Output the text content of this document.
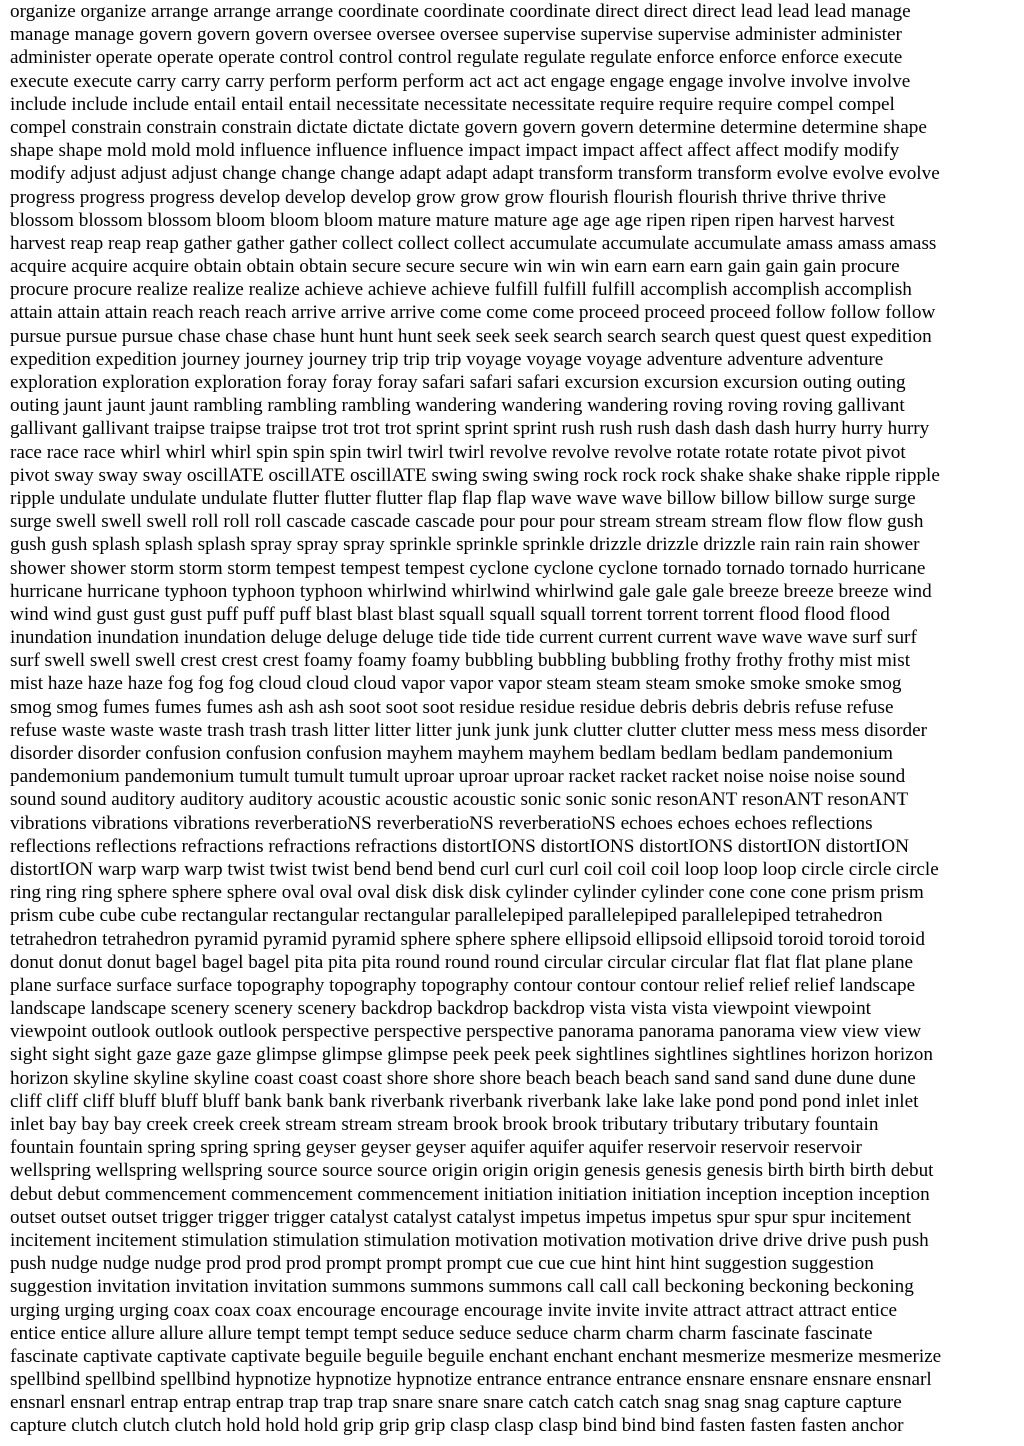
organize organize arrange arrange arrange coordinate coordinate coordinate direct direct direct lead lead lead manage

manage manage govern govern govern oversee oversee oversee supervise supervise supervise administer administer

administer operate operate operate control control control regulate regulate regulate enforce enforce enforce execute

execute execute carry carry carry perform perform perform act act act engage engage engage involve involve involve

include include include entail entail entail necessitate necessitate necessitate require require require compel compel

compel constrain constrain constrain dictate dictate dictate govern govern govern determine determine determine shape

shape shape mold mold mold influence influence influence impact impact impact affect affect affect modify modify

modify adjust adjust adjust change change change adapt adapt adapt transform transform transform evolve evolve evolve

progress progress progress develop develop develop grow grow grow flourish flourish flourish thrive thrive thrive

blossom blossom blossom bloom bloom bloom mature mature mature age age age ripen ripen ripen harvest harvest

harvest reap reap reap gather gather gather collect collect collect accumulate accumulate accumulate amass amass amass

acquire acquire acquire obtain obtain obtain secure secure secure win win win earn earn earn gain gain gain procure

procure procure realize realize realize achieve achieve achieve fulfill fulfill fulfill accomplish accomplish accomplish

attain attain attain reach reach reach arrive arrive arrive come come come proceed proceed proceed follow follow follow

pursue pursue pursue chase chase chase hunt hunt hunt seek seek seek search search search quest quest quest expedition

expedition expedition journey journey journey trip trip trip voyage voyage voyage adventure adventure adventure

exploration exploration exploration foray foray foray safari safari safari excursion excursion excursion outing outing

outing jaunt jaunt jaunt rambling rambling rambling wandering wandering wandering roving roving roving gallivant

gallivant gallivant traipse traipse traipse trot trot trot sprint sprint sprint rush rush rush dash dash dash hurry hurry hurry

race race race whirl whirl whirl spin spin spin twirl twirl twirl revolve revolve revolve rotate rotate rotate pivot pivot

pivot sway sway sway oscillATE oscillATE oscillATE swing swing swing rock rock rock shake shake shake ripple ripple

ripple undulate undulate undulate flutter flutter flutter flap flap flap wave wave wave billow billow billow surge surge

surge swell swell swell roll roll roll cascade cascade cascade pour pour pour stream stream stream flow flow flow gush

gush gush splash splash splash spray spray spray sprinkle sprinkle sprinkle drizzle drizzle drizzle rain rain rain shower

shower shower storm storm storm tempest tempest tempest cyclone cyclone cyclone tornado tornado tornado hurricane

hurricane hurricane typhoon typhoon typhoon whirlwind whirlwind whirlwind gale gale gale breeze breeze breeze wind

wind wind gust gust gust puff puff puff blast blast blast squall squall squall torrent torrent torrent flood flood flood

inundation inundation inundation deluge deluge deluge tide tide tide current current current wave wave wave surf surf

surf swell swell swell crest crest crest foamy foamy foamy bubbling bubbling bubbling frothy frothy frothy mist mist

mist haze haze haze fog fog fog cloud cloud cloud vapor vapor vapor steam steam steam smoke smoke smoke smog

smog smog fumes fumes fumes ash ash ash soot soot soot residue residue residue debris debris debris refuse refuse

refuse waste waste waste trash trash trash litter litter litter junk junk junk clutter clutter clutter mess mess mess disorder

disorder disorder confusion confusion confusion mayhem mayhem mayhem bedlam bedlam bedlam pandemonium

pandemonium pandemonium tumult tumult tumult uproar uproar uproar racket racket racket noise noise noise sound

sound sound auditory auditory auditory acoustic acoustic acoustic sonic sonic sonic resonANT resonANT resonANT

vibrations vibrations vibrations reverberatioNS reverberatioNS reverberatioNS echoes echoes echoes reflections

reflections reflections refractions refractions refractions distortIONS distortIONS distortIONS distortION distortION

distortION warp warp warp twist twist twist bend bend bend curl curl curl coil coil coil loop loop loop circle circle circle

ring ring ring sphere sphere sphere oval oval oval disk disk disk cylinder cylinder cylinder cone cone cone prism prism

prism cube cube cube rectangular rectangular rectangular parallelepiped parallelepiped parallelepiped tetrahedron

tetrahedron tetrahedron pyramid pyramid pyramid sphere sphere sphere ellipsoid ellipsoid ellipsoid toroid toroid toroid

donut donut donut bagel bagel bagel pita pita pita round round round circular circular circular flat flat flat plane plane

plane surface surface surface topography topography topography contour contour contour relief relief relief landscape

landscape landscape scenery scenery scenery backdrop backdrop backdrop vista vista vista viewpoint viewpoint

viewpoint outlook outlook outlook perspective perspective perspective panorama panorama panorama view view view

sight sight sight gaze gaze gaze glimpse glimpse glimpse peek peek peek sightlines sightlines sightlines horizon horizon

horizon skyline skyline skyline coast coast coast shore shore shore beach beach beach sand sand sand dune dune dune

cliff cliff cliff bluff bluff bluff bank bank bank riverbank riverbank riverbank lake lake lake pond pond pond inlet inlet

inlet bay bay bay creek creek creek stream stream stream brook brook brook tributary tributary tributary fountain

fountain fountain spring spring spring geyser geyser geyser aquifer aquifer aquifer reservoir reservoir reservoir

wellspring wellspring wellspring source source source origin origin origin genesis genesis genesis birth birth birth debut

debut debut commencement commencement commencement initiation initiation initiation inception inception inception

outset outset outset trigger trigger trigger catalyst catalyst catalyst impetus impetus impetus spur spur spur incitement

incitement incitement stimulation stimulation stimulation motivation motivation motivation drive drive drive push push

push nudge nudge nudge prod prod prod prompt prompt prompt cue cue cue hint hint hint suggestion suggestion

suggestion invitation invitation invitation summons summons summons call call call beckoning beckoning beckoning

urging urging urging coax coax coax encourage encourage encourage invite invite invite attract attract attract entice

entice entice allure allure allure tempt tempt tempt seduce seduce seduce charm charm charm fascinate fascinate

fascinate captivate captivate captivate beguile beguile beguile enchant enchant enchant mesmerize mesmerize mesmerize

spellbind spellbind spellbind hypnotize hypnotize hypnotize entrance entrance entrance ensnare ensnare ensnare ensnarl

ensnarl ensnarl entrap entrap entrap trap trap trap snare snare snare catch catch catch snag snag snag capture capture

capture clutch clutch clutch hold hold hold grip grip grip clasp clasp clasp bind bind bind fasten fasten fasten anchor
